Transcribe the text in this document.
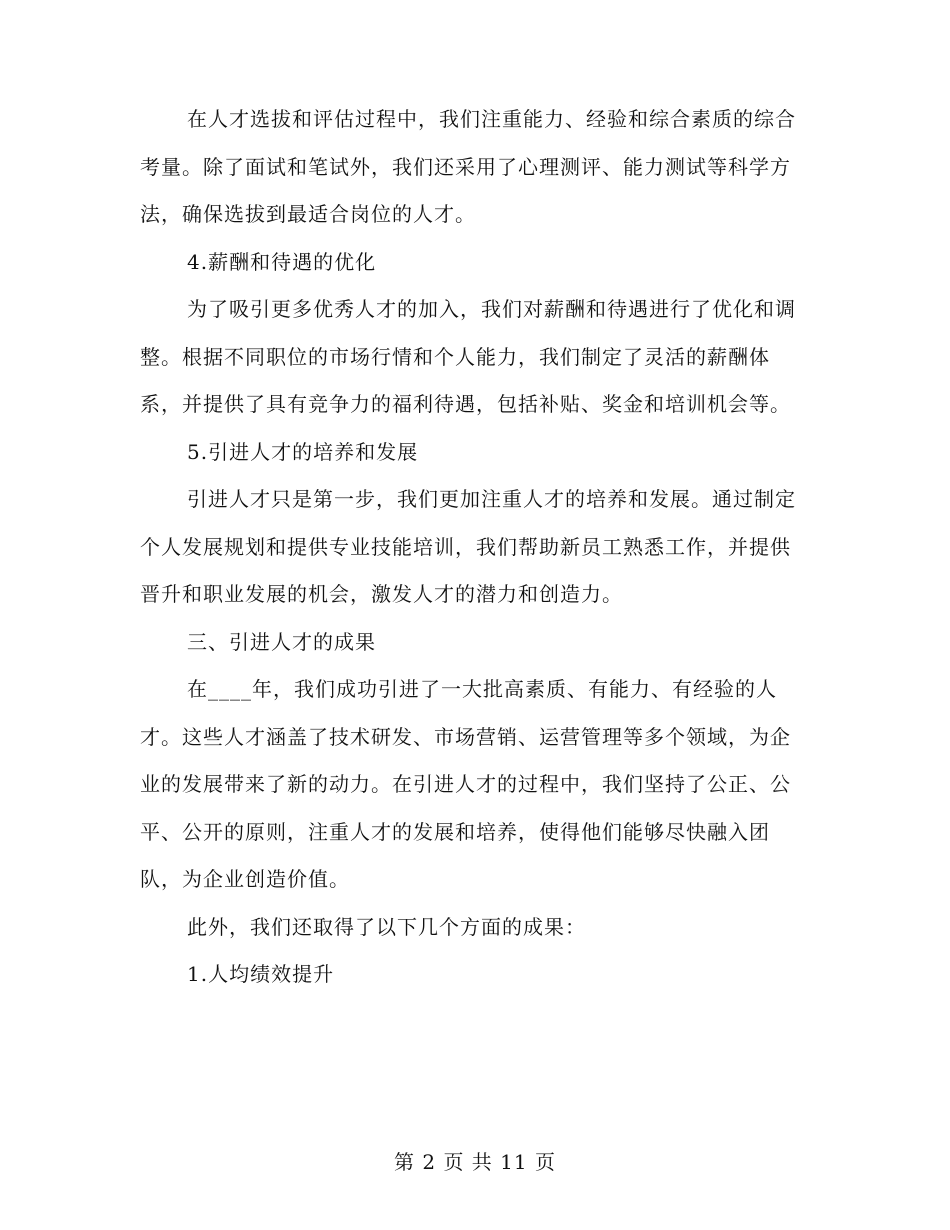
在人才选拔和评估过程中，我们注重能力、经验和综合素质的综合考量。除了面试和笔试外，我们还采用了心理测评、能力测试等科学方法，确保选拔到最适合岗位的人才。

4.薪酬和待遇的优化

为了吸引更多优秀人才的加入，我们对薪酬和待遇进行了优化和调整。根据不同职位的市场行情和个人能力，我们制定了灵活的薪酬体系，并提供了具有竞争力的福利待遇，包括补贴、奖金和培训机会等。

5.引进人才的培养和发展

引进人才只是第一步，我们更加注重人才的培养和发展。通过制定个人发展规划和提供专业技能培训，我们帮助新员工熟悉工作，并提供晋升和职业发展的机会，激发人才的潜力和创造力。

三、引进人才的成果

在____年，我们成功引进了一大批高素质、有能力、有经验的人才。这些人才涵盖了技术研发、市场营销、运营管理等多个领域，为企业的发展带来了新的动力。在引进人才的过程中，我们坚持了公正、公平、公开的原则，注重人才的发展和培养，使得他们能够尽快融入团队，为企业创造价值。

此外，我们还取得了以下几个方面的成果：

1.人均绩效提升

第 2 页 共 11 页
